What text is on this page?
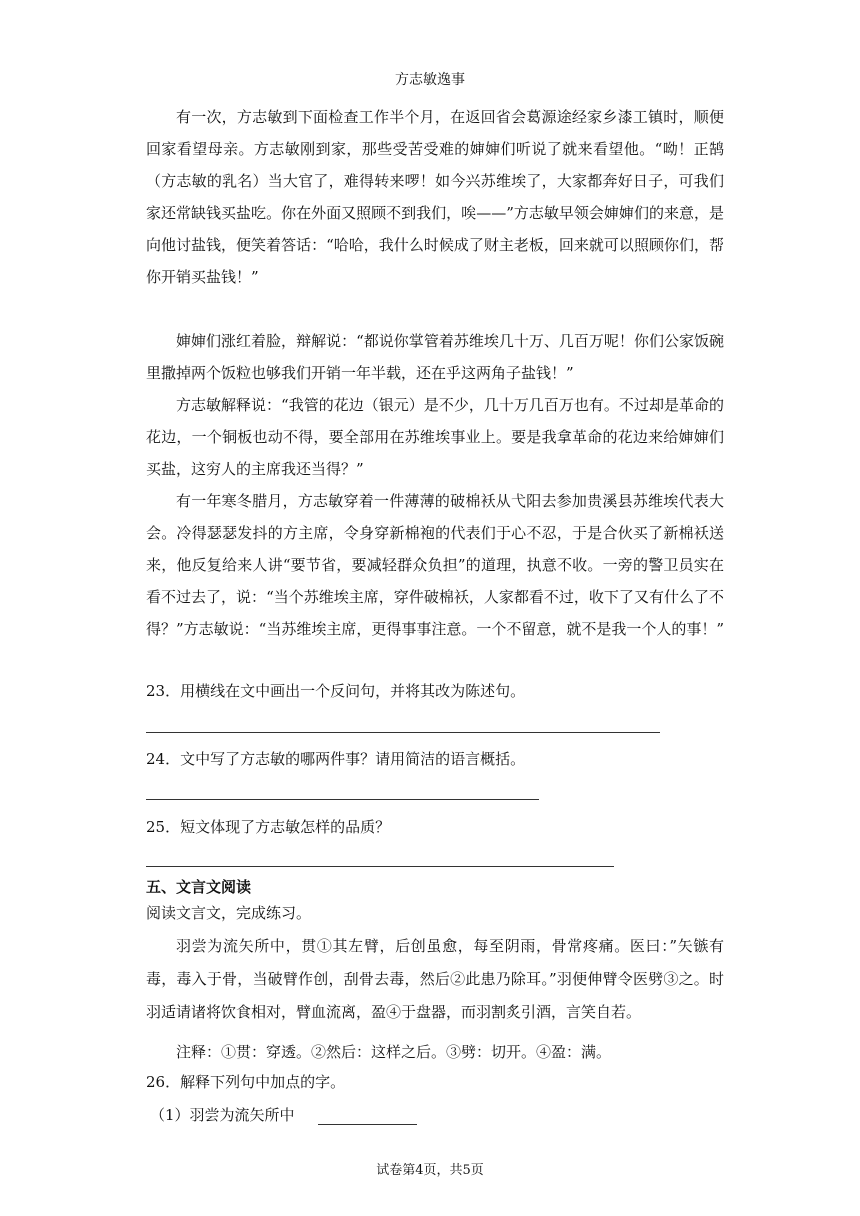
方志敏逸事

有一次，方志敏到下面检查工作半个月，在返回省会葛源途经家乡漆工镇时，顺便回家看望母亲。方志敏刚到家，那些受苦受难的婶婶们听说了就来看望他。“呦！正鹄（方志敏的乳名）当大官了，难得转来啰！如今兴苏维埃了，大家都奔好日子，可我们家还常缺钱买盐吃。你在外面又照顾不到我们，唉——”方志敏早领会婶婶们的来意，是向他讨盐钱，便笑着答话：“哈哈，我什么时候成了财主老板，回来就可以照顾你们，帮你开销买盐钱！”

婶婶们涨红着脸，辩解说：“都说你掌管着苏维埃几十万、几百万呢！你们公家饭碗里撒掉两个饭粒也够我们开销一年半载，还在乎这两角子盐钱！”

方志敏解释说：“我管的花边（银元）是不少，几十万几百万也有。不过却是革命的花边，一个铜板也动不得，要全部用在苏维埃事业上。要是我拿革命的花边来给婶婶们买盐，这穷人的主席我还当得？”

有一年寒冬腊月，方志敏穿着一件薄薄的破棉袄从弋阳去参加贵溪县苏维埃代表大会。冷得瑟瑟发抖的方主席，令身穿新棉袍的代表们于心不忍，于是合伙买了新棉袄送来，他反复给来人讲“要节省，要减轻群众负担”的道理，执意不收。一旁的警卫员实在看不过去了，说：“当个苏维埃主席，穿件破棉袄，人家都看不过，收下了又有什么了不得？”方志敏说：“当苏维埃主席，更得事事注意。一个不留意，就不是我一个人的事！”

23．用横线在文中画出一个反问句，并将其改为陈述句。

24．文中写了方志敏的哪两件事？请用简洁的语言概括。

25．短文体现了方志敏怎样的品质？

五、文言文阅读
阅读文言文，完成练习。

羽尝为流矢所中，贯①其左臂，后创虽愈，每至阴雨，骨常疼痛。医曰：”矢镞有毒，毒入于骨，当破臂作创，刮骨去毒，然后②此患乃除耳。”羽便伸臂令医劈③之。时羽适请诸将饮食相对，臂血流离，盈④于盘器，而羽割炙引酒，言笑自若。

注释：①贯：穿透。②然后：这样之后。③劈：切开。④盈：满。

26．解释下列句中加点的字。

（1）羽尝为流矢所中
试卷第4页，共5页
